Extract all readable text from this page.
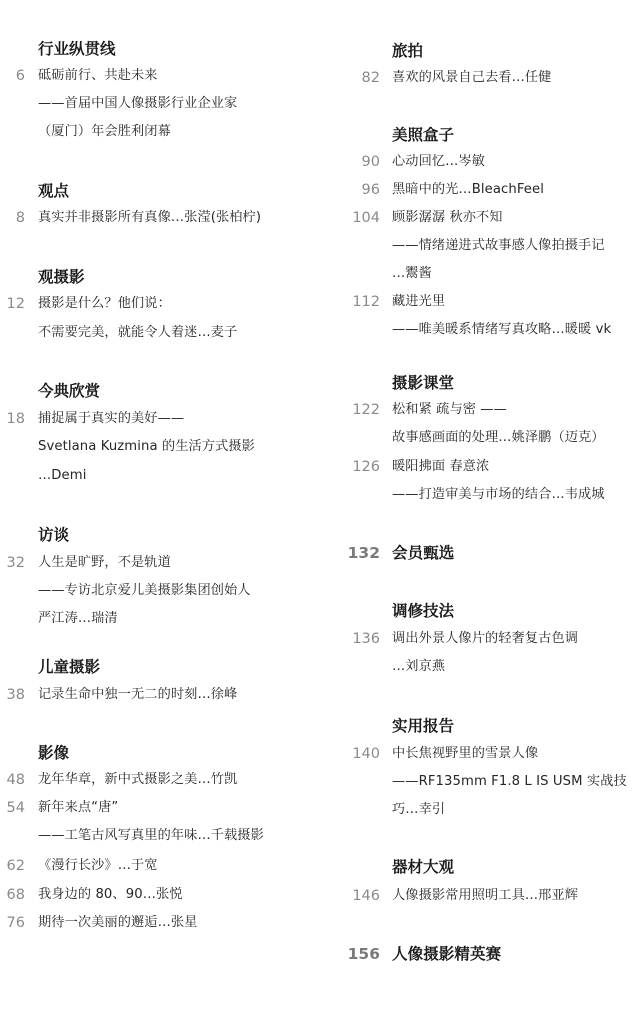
行业纵贯线
6 砥砺前行、共赴未来
——首届中国人像摄影行业企业家
（厦门）年会胜利闭幕
观点
8 真实并非摄影所有真像…张滢(张柏柠)
观摄影
12 摄影是什么？他们说：
不需要完美，就能令人着迷…麦子
今典欣赏
18 捕捉属于真实的美好——
Svetlana Kuzmina 的生活方式摄影
…Demi
访谈
32 人生是旷野，不是轨道
——专访北京爱儿美摄影集团创始人
严江涛…瑞清
儿童摄影
38 记录生命中独一无二的时刻…徐峰
影像
48 龙年华章，新中式摄影之美…竹凯
54 新年来点“唐”
——工笔古风写真里的年味…千载摄影
62 《漫行长沙》…于宽
68 我身边的 80、90…张悦
76 期待一次美丽的邂逅…张星
旅拍
82 喜欢的风景自己去看…任健
美照盒子
90 心动回忆…岑敏
96 黑暗中的光…BleachFeel
104 顾影潺潺 秋亦不知
——情绪递进式故事感人像拍摄手记
…鬻酱
112 藏进光里
——唯美暖系情绪写真攻略…暖暖 vk
摄影课堂
122 松和紧 疏与密 ——
故事感画面的处理…姚泽鹏（迈克）
126 暖阳拂面 春意浓
——打造审美与市场的结合…韦成城
132 会员甄选
调修技法
136 调出外景人像片的轻奢复古色调
…刘京燕
实用报告
140 中长焦视野里的雪景人像
——RF135mm F1.8 L IS USM 实战技
巧…幸引
器材大观
146 人像摄影常用照明工具…邢亚辉
156 人像摄影精英赛
